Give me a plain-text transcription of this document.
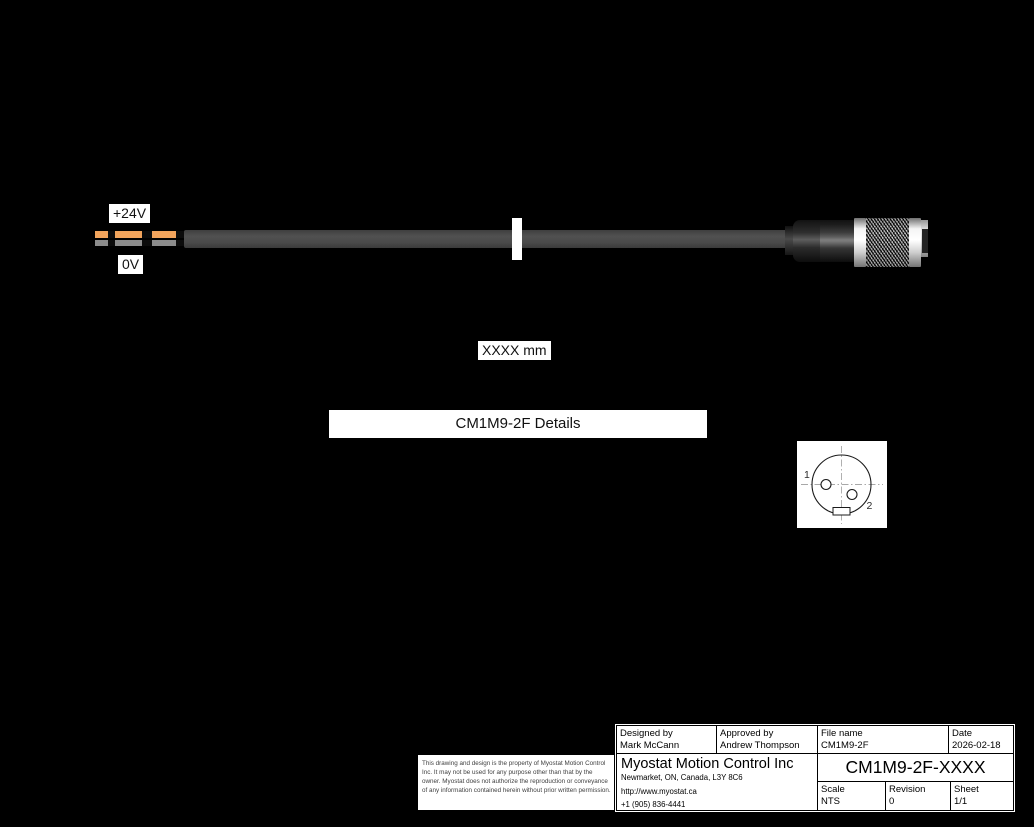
+24V
0V
XXXX mm
CM1M9-2F Details
1
2
This drawing and design is the property of Myostat Motion Control Inc. It may not be used for any purpose other than that by the owner. Myostat does not authorize the reproduction or conveyance of any information contained herein without prior written permission.
Designed by
Mark McCann
Approved by
Andrew Thompson
File name
CM1M9-2F
Date
2026-02-18
Myostat Motion Control Inc
Newmarket, ON, Canada, L3Y 8C6
http://www.myostat.ca
+1 (905) 836-4441
CM1M9-2F-XXXX
Scale
NTS
Revision
0
Sheet
1/1
